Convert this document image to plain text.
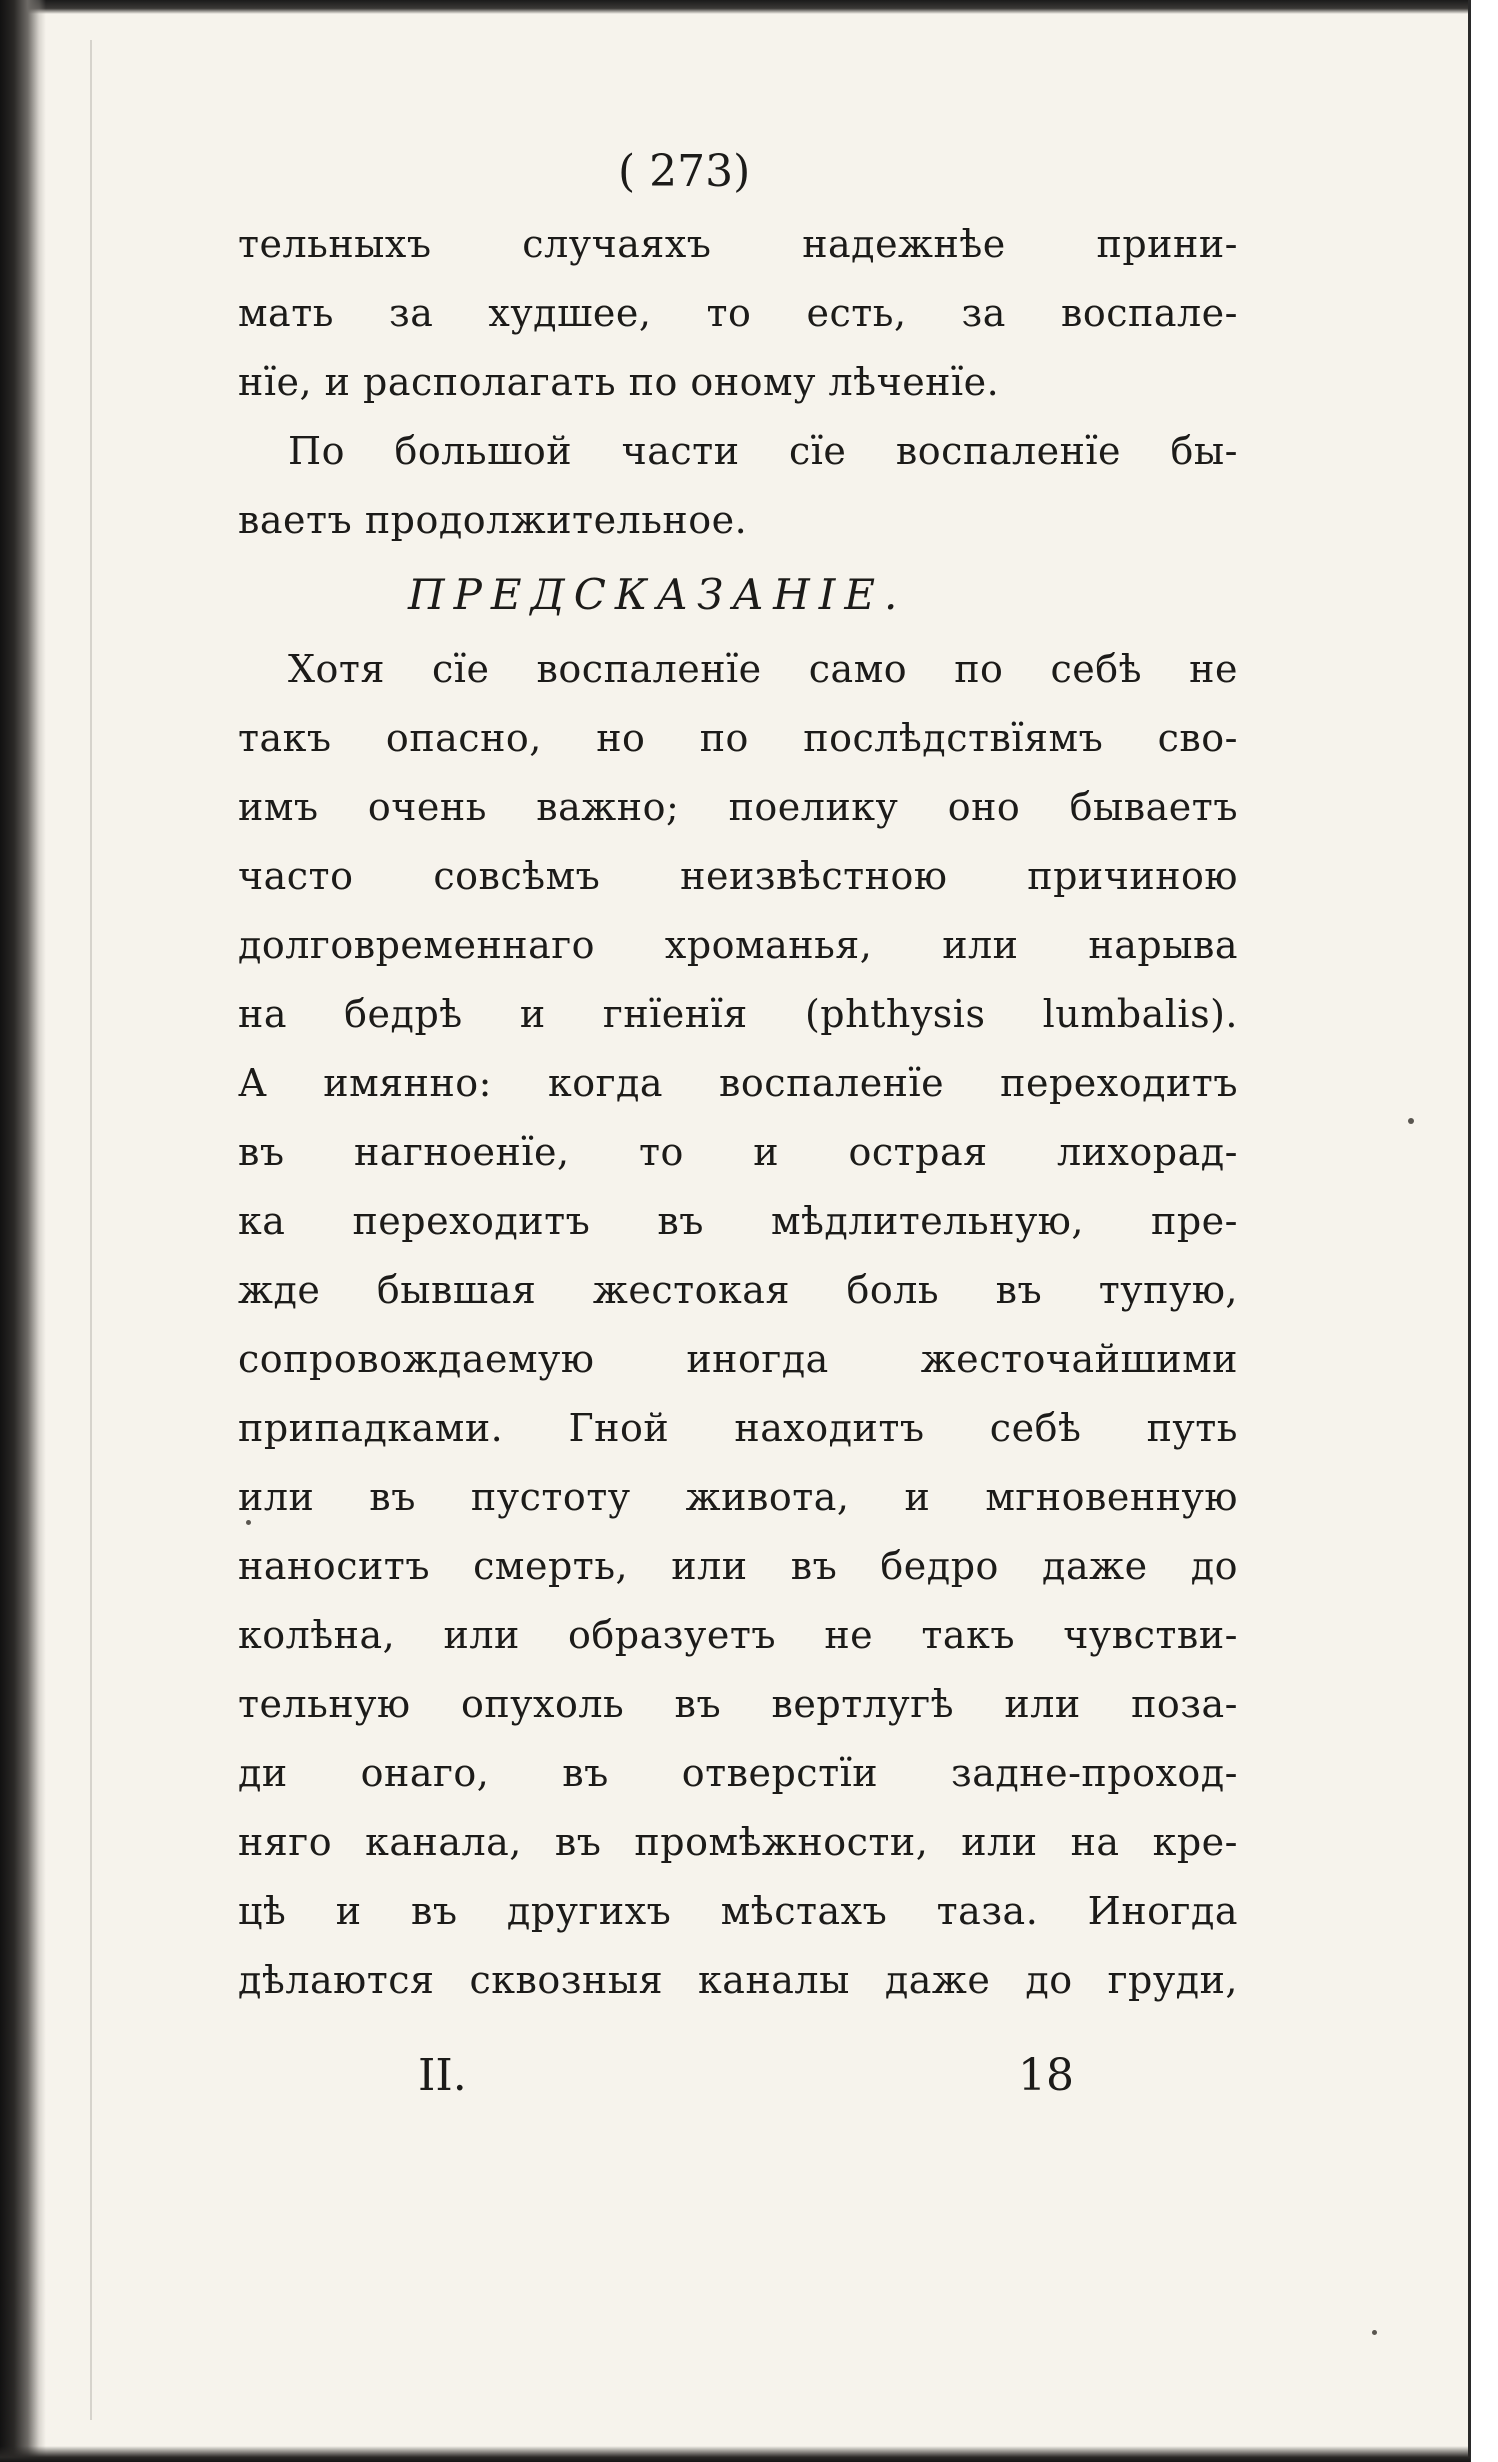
( 273)
тельныхъ случаяхъ надежнѣе прини-
мать за худшее, то есть, за воспале-
нїе, и располагать по оному лѣченїе.
По большой части сїе воспаленїе бы-
ваетъ продолжительное.
ПРЕДСКАЗАНIЕ.
Хотя сїе воспаленїе само по себѣ не
такъ опасно, но по послѣдствїямъ сво-
имъ очень важно; поелику оно бываетъ
часто совсѣмъ неизвѣстною причиною
долговременнаго хроманья, или нарыва
на бедрѣ и гнїенїя (phthysis lumbalis).
А имянно: когда воспаленїе переходитъ
въ нагноенїе, то и острая лихорад-
ка переходитъ въ мѣдлительную, пре-
жде бывшая жестокая боль въ тупую,
сопровождаемую иногда жесточайшими
припадками. Гной находитъ себѣ путь
или въ пустоту живота, и мгновенную
наноситъ смерть, или въ бедро даже до
колѣна, или образуетъ не такъ чувстви-
тельную опухоль въ вертлугѣ или поза-
ди онаго, въ отверстїи задне-проход-
няго канала, въ промѣжности, или на кре-
цѣ и въ другихъ мѣстахъ таза. Иногда
дѣлаются сквозныя каналы даже до груди,
II.	18
